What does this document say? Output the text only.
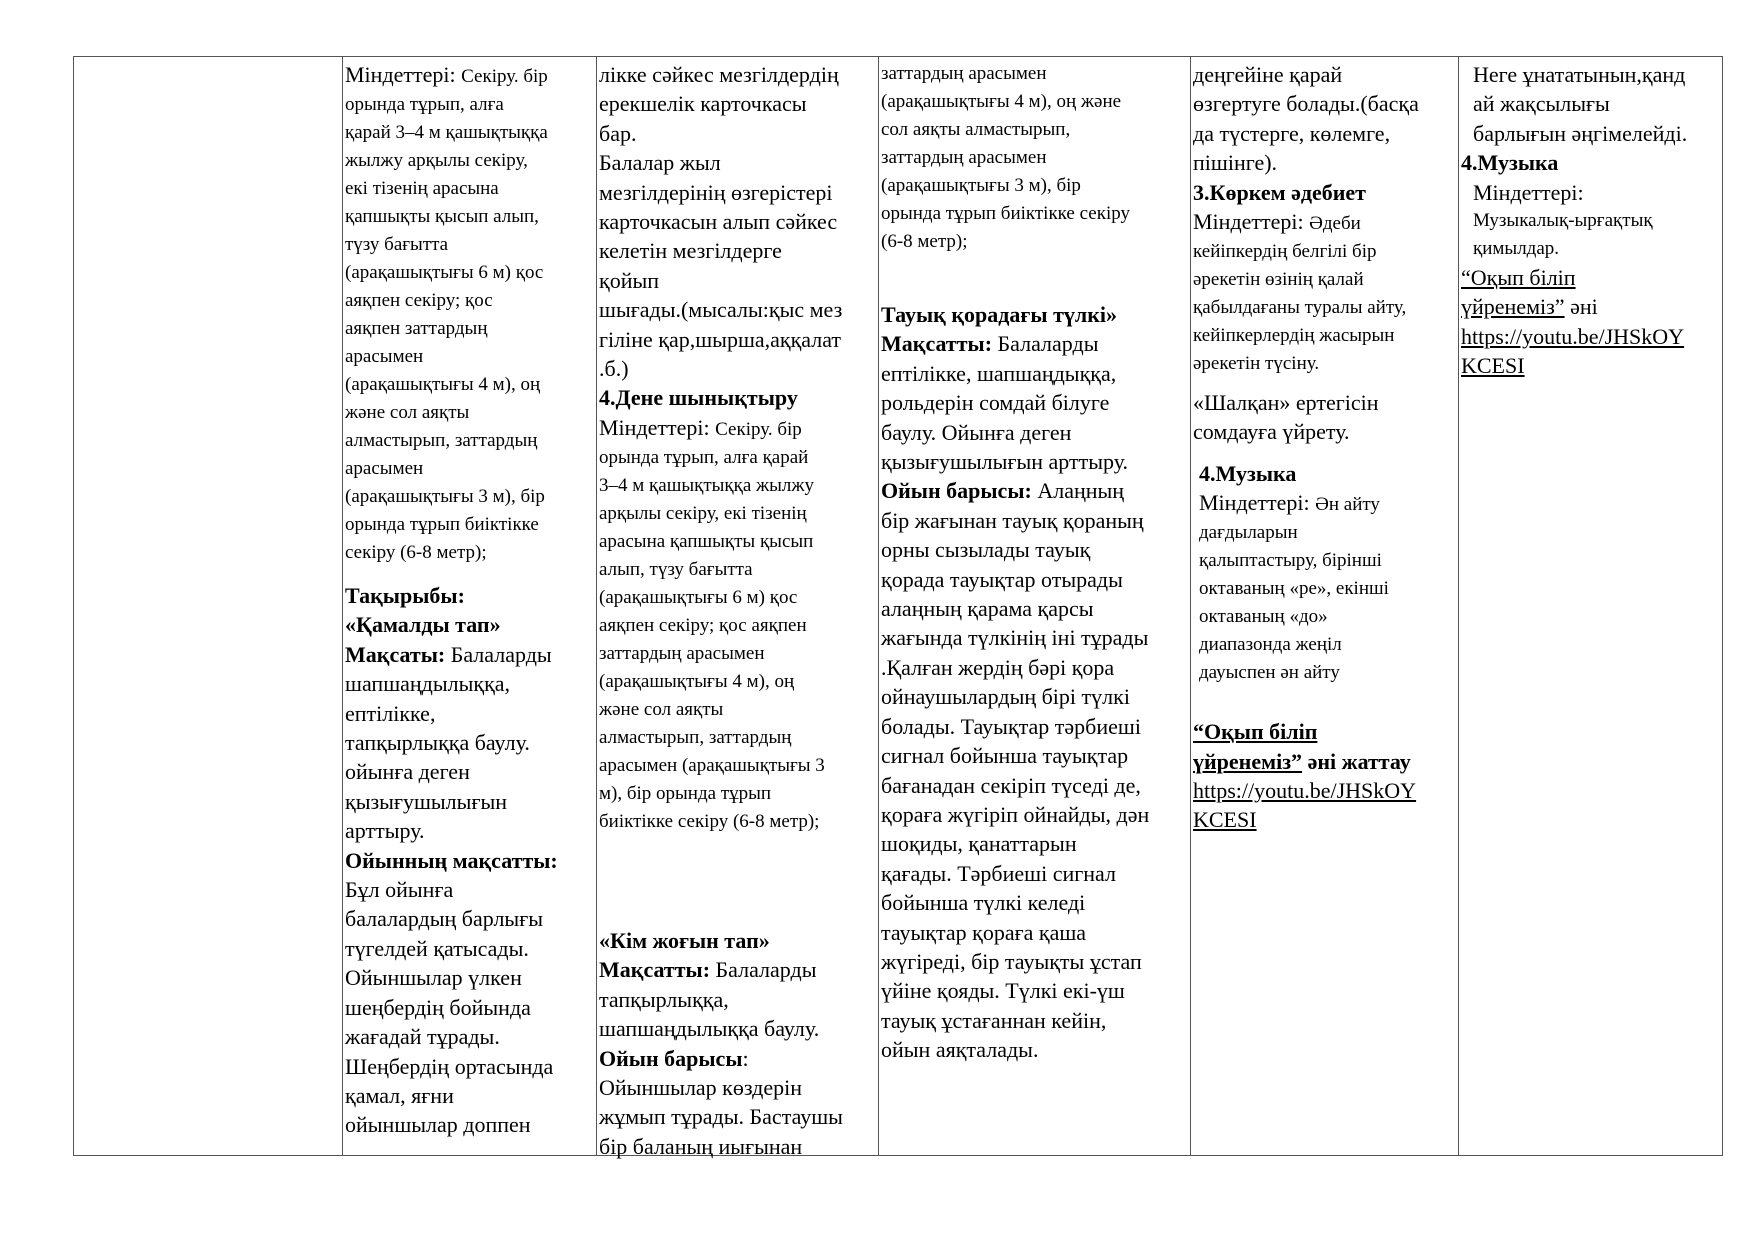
Міндеттері: Секіру. бір
орында тұрып, алға
қарай 3–4 м қашықтыққа
жылжу арқылы секіру,
екі тізенің арасына
қапшықты қысып алып,
түзу бағытта
(арақашықтығы 6 м) қос
аяқпен секіру; қос
аяқпен заттардың
арасымен
(арақашықтығы 4 м), оң
және сол аяқты
алмастырып, заттардың
арасымен
(арақашықтығы 3 м), бір
орында тұрып биіктікке
секіру (6-8 метр);
Тақырыбы:
«Қамалды тап»
Мақсаты: Балаларды
шапшаңдылыққа,
ептілікке,
тапқырлыққа баулу.
ойынға деген
қызығушылығын
арттыру.
Ойынның мақсатты:
Бұл ойынға
балалардың барлығы
түгелдей қатысады.
Ойыншылар үлкен
шеңбердің бойында
жағадай тұрады.
Шеңбердің ортасында
қамал, яғни
ойыншылар доппен
лікке сәйкес мезгілдердің
ерекшелік карточкасы
бар.
Балалар жыл
мезгілдерінің өзгерістері
карточкасын алып сәйкес
келетін мезгілдерге
қойып
шығады.(мысалы:қыс мез
гіліне қар,шырша,аққалат
.б.)
4.Дене шынықтыру
Міндеттері: Секіру. бір
орында тұрып, алға қарай
3–4 м қашықтыққа жылжу
арқылы секіру, екі тізенің
арасына қапшықты қысып
алып, түзу бағытта
(арақашықтығы 6 м) қос
аяқпен секіру; қос аяқпен
заттардың арасымен
(арақашықтығы 4 м), оң
және сол аяқты
алмастырып, заттардың
арасымен (арақашықтығы 3
м), бір орында тұрып
биіктікке секіру (6-8 метр);
«Кім жоғын тап»
Мақсатты: Балаларды
тапқырлыққа,
шапшаңдылыққа баулу.
Ойын барысы:
Ойыншылар көздерін
жұмып тұрады. Бастаушы
бір баланың иығынан
заттардың арасымен
(арақашықтығы 4 м), оң және
сол аяқты алмастырып,
заттардың арасымен
(арақашықтығы 3 м), бір
орында тұрып биіктікке секіру
(6-8 метр);
Тауық қорадағы түлкі»
Мақсатты: Балаларды
ептілікке, шапшаңдыққа,
рольдерін сомдай білуге
баулу. Ойынға деген
қызығушылығын арттыру.
Ойын барысы: Алаңның
бір жағынан тауық қораның
орны сызылады тауық
қорада тауықтар отырады
алаңның қарама қарсы
жағында түлкінің іні тұрады
.Қалған жердің бәрі қора
ойнаушылардың бірі түлкі
болады. Тауықтар тәрбиеші
сигнал бойынша тауықтар
бағанадан секіріп түседі де,
қораға жүгіріп ойнайды, дән
шоқиды, қанаттарын
қағады. Тәрбиеші сигнал
бойынша түлкі келеді
тауықтар қораға қаша
жүгіреді, бір тауықты ұстап
үйіне қояды. Түлкі екі-үш
тауық ұстағаннан кейін,
ойын аяқталады.
деңгейіне қарай
өзгертуге болады.(басқа
да түстерге, көлемге,
пішінге).
3.Көркем әдебиет
Міндеттері: Әдеби
кейіпкердің белгілі бір
әрекетін өзінің қалай
қабылдағаны туралы айту,
кейіпкерлердің жасырын
әрекетін түсіну.
«Шалқан» ертегісін
сомдауға үйрету.
4.Музыка
Міндеттері: Ән айту
дағдыларын
қалыптастыру, бірінші
октаваның «ре», екінші
октаваның «до»
диапазонда жеңіл
дауыспен ән айту
“Оқып біліп
үйренеміз” әні жаттау
https://youtu.be/JHSkOY
KCESI
Неге ұнататынын,қанд
ай жақсылығы
барлығын әңгімелейді.
4.Музыка
Міндеттері:
Музыкалық-ырғақтық
қимылдар.
“Оқып біліп
үйренеміз” әні
https://youtu.be/JHSkOY
KCESI
